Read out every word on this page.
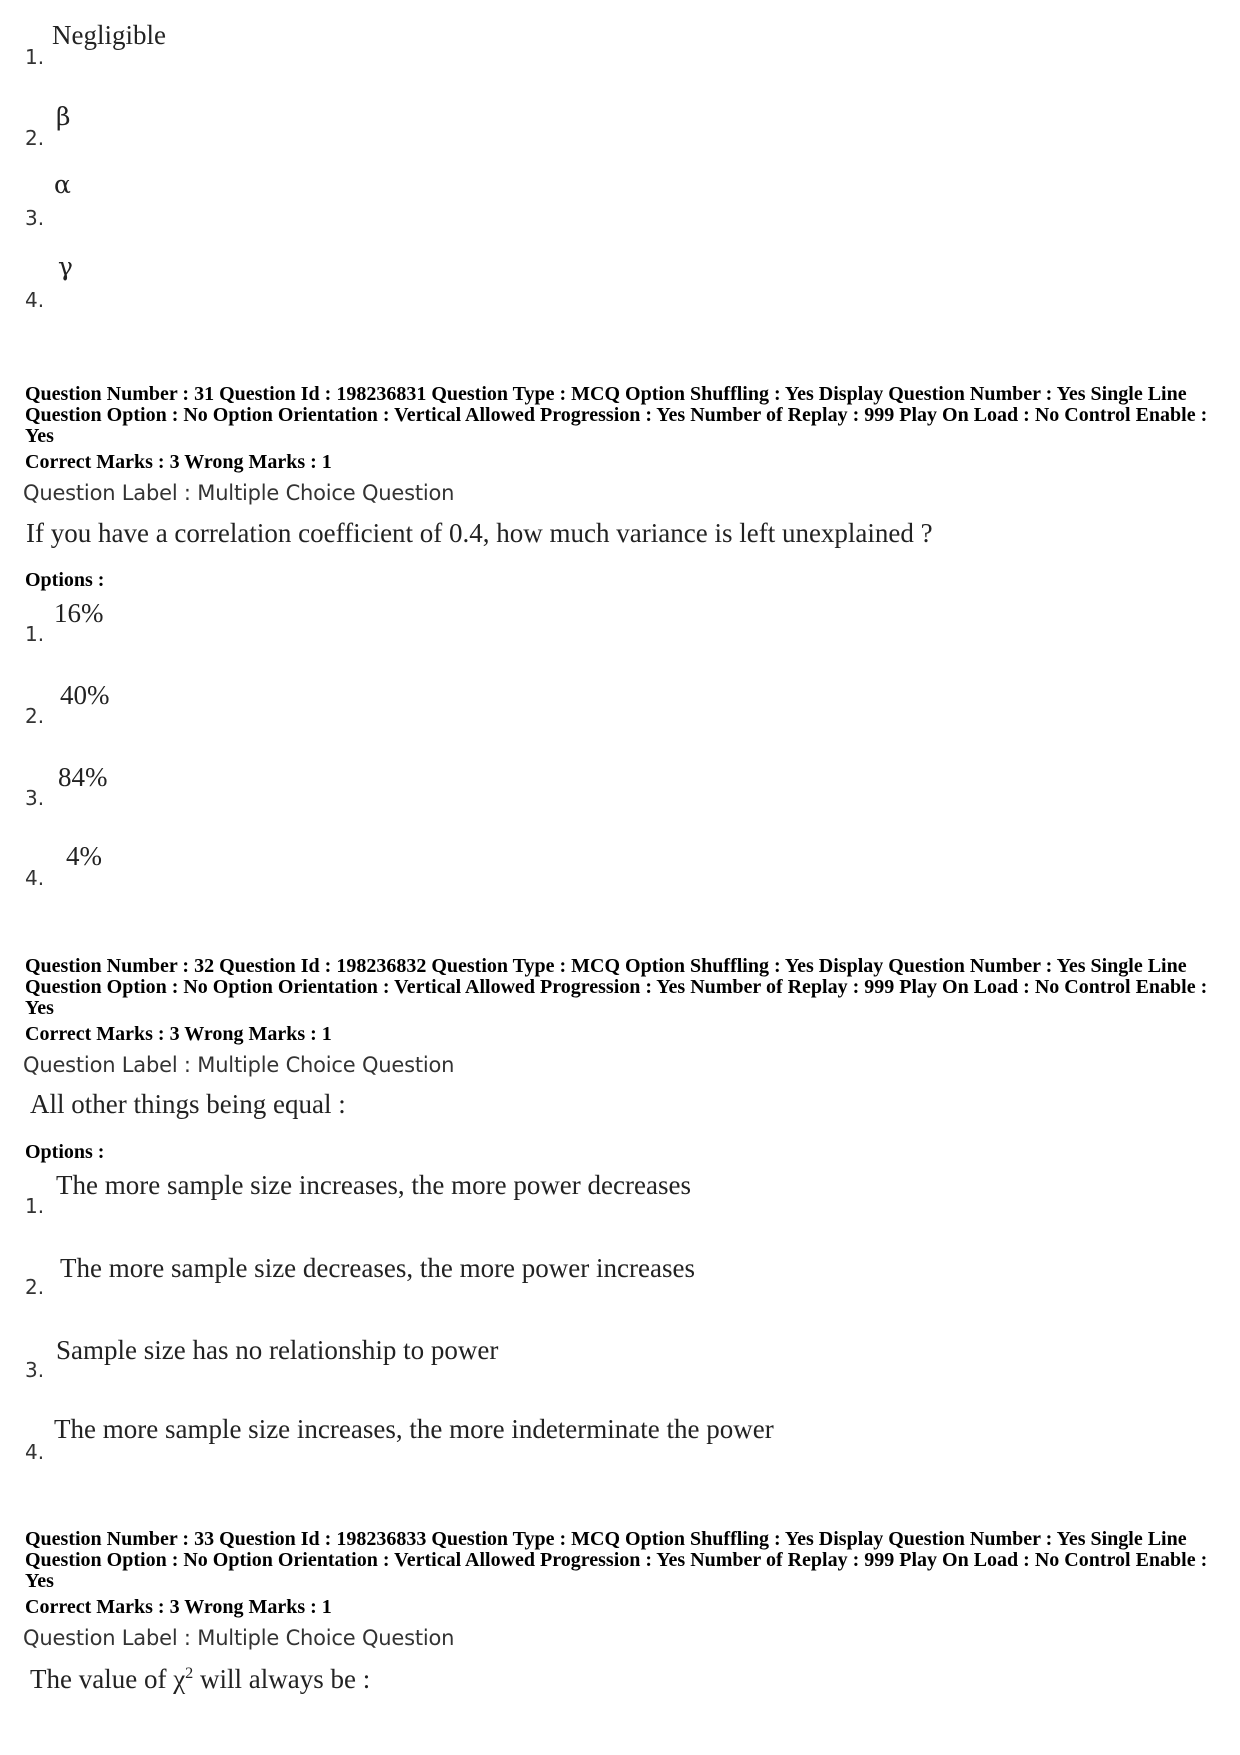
1.
Negligible
2.
β
3.
α
4.
γ
Question Number : 31 Question Id : 198236831 Question Type : MCQ Option Shuffling : Yes Display Question Number : Yes Single Line Question Option : No Option Orientation : Vertical Allowed Progression : Yes Number of Replay : 999 Play On Load : No Control Enable : Yes
Correct Marks : 3 Wrong Marks : 1
Question Label : Multiple Choice Question
If you have a correlation coefficient of 0.4, how much variance is left unexplained ?
Options :
1.
16%
2.
40%
3.
84%
4.
4%
Question Number : 32 Question Id : 198236832 Question Type : MCQ Option Shuffling : Yes Display Question Number : Yes Single Line Question Option : No Option Orientation : Vertical Allowed Progression : Yes Number of Replay : 999 Play On Load : No Control Enable : Yes
Correct Marks : 3 Wrong Marks : 1
Question Label : Multiple Choice Question
All other things being equal :
Options :
1.
The more sample size increases, the more power decreases
2.
The more sample size decreases, the more power increases
3.
Sample size has no relationship to power
4.
The more sample size increases, the more indeterminate the power
Question Number : 33 Question Id : 198236833 Question Type : MCQ Option Shuffling : Yes Display Question Number : Yes Single Line Question Option : No Option Orientation : Vertical Allowed Progression : Yes Number of Replay : 999 Play On Load : No Control Enable : Yes
Correct Marks : 3 Wrong Marks : 1
Question Label : Multiple Choice Question
The value of $\chi^2$ will always be :
